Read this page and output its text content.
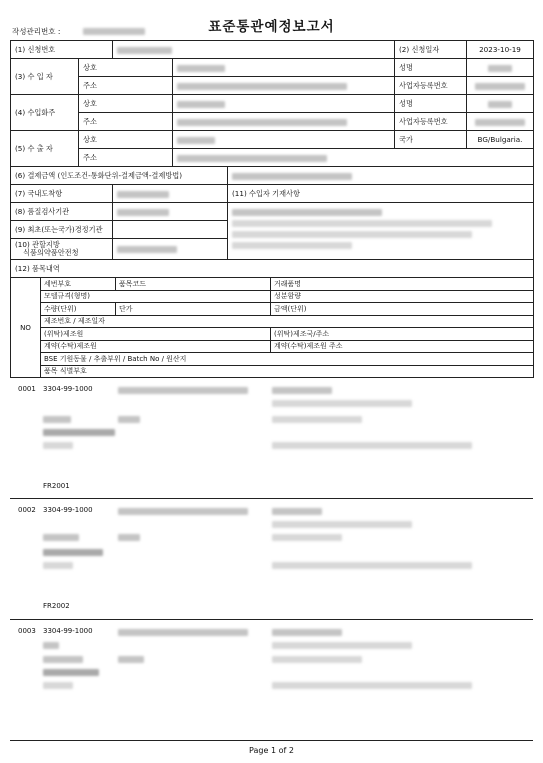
작성관리번호 :	표준통관예정보고서
(1) 신청번호					(2) 신청일자	2023-10-19	
(3) 수 입 자	상호				성명		
	주소				사업자등록번호		
(4) 수입화주	상호				성명		
	주소				사업자등록번호		
(5) 수 출 자	상호				국가	BG/Bulgaria.	
	주소						
(6) 결제금액 (인도조건-통화단위-결제금액-결제방법)							
(7) 국내도착항				(11) 수입자 기재사항			
(8) 품질검사기관							

(9) 최초(또는국가)경정기관							
(10) 관할지방
식품의약품안전청							
(12) 품목내역							
NO	세번부호	품목코드	거래품명
	모델규격(형명)		성분함량
	수량(단위)	단가	금액(단위)
	제조번호 / 제조일자		
	(위탁)제조원		(위탁)제조국/주소
	계약(수탁)제조원		계약(수탁)제조원 주소
	BSE 기원동물 / 추출부위 / Batch No / 원산지		
	품목 식별부호		
0001 3304-99-1000
FR2001
0002 3304-99-1000
FR2002
0003 3304-99-1000
Page 1 of 2
